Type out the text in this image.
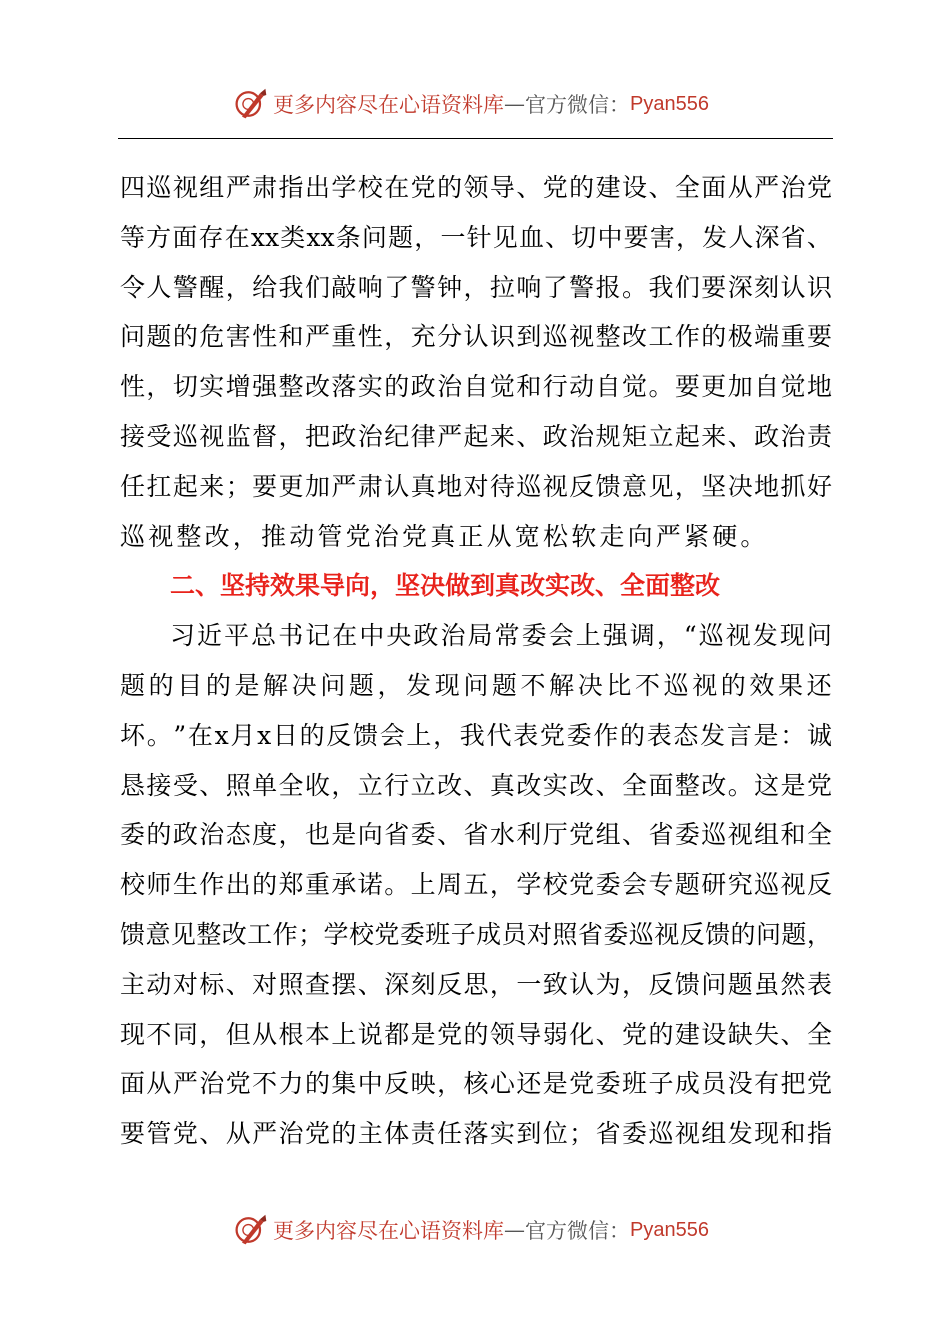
更多内容尽在心语资料库 — 官方微信： Pyan556
四 巡 视 组 严 肃 指 出 学 校 在 党 的 领 导 、 党 的 建 设 、 全 面 从 严 治 党
等 方 面 存 在 xx 类 xx 条 问 题 ， 一 针 见 血 、 切 中 要 害 ， 发 人 深 省 、
令 人 警 醒 ， 给 我 们 敲 响 了 警 钟 ， 拉 响 了 警 报 。 我 们 要 深 刻 认 识
问 题 的 危 害 性 和 严 重 性 ， 充 分 认 识 到 巡 视 整 改 工 作 的 极 端 重 要
性 ， 切 实 增 强 整 改 落 实 的 政 治 自 觉 和 行 动 自 觉 。 要 更 加 自 觉 地
接 受 巡 视 监 督 ， 把 政 治 纪 律 严 起 来 、 政 治 规 矩 立 起 来 、 政 治 责
任 扛 起 来 ； 要 更 加 严 肃 认 真 地 对 待 巡 视 反 馈 意 见 ， 坚 决 地 抓 好
巡视整改，推动管党治党真正从宽松软走向严紧硬。
二、坚持效果导向，坚决做到真改实改、全面整改
习 近 平 总 书 记 在 中 央 政 治 局 常 委 会 上 强 调 ， “ 巡 视 发 现 问
题 的 目 的 是 解 决 问 题 ， 发 现 问 题 不 解 决 比 不 巡 视 的 效 果 还
坏 。 ” 在 x 月 x 日 的 反 馈 会 上 ， 我 代 表 党 委 作 的 表 态 发 言 是 ： 诚
恳 接 受 、 照 单 全 收 ， 立 行 立 改 、 真 改 实 改 、 全 面 整 改 。 这 是 党
委 的 政 治 态 度 ， 也 是 向 省 委 、 省 水 利 厅 党 组 、 省 委 巡 视 组 和 全
校 师 生 作 出 的 郑 重 承 诺 。 上 周 五 ， 学 校 党 委 会 专 题 研 究 巡 视 反
馈 意 见 整 改 工 作 ； 学 校 党 委 班 子 成 员 对 照 省 委 巡 视 反 馈 的 问 题 ，
主 动 对 标 、 对 照 查 摆 、 深 刻 反 思 ， 一 致 认 为 ， 反 馈 问 题 虽 然 表
现 不 同 ， 但 从 根 本 上 说 都 是 党 的 领 导 弱 化 、 党 的 建 设 缺 失 、 全
面 从 严 治 党 不 力 的 集 中 反 映 ， 核 心 还 是 党 委 班 子 成 员 没 有 把 党
要 管 党 、 从 严 治 党 的 主 体 责 任 落 实 到 位 ； 省 委 巡 视 组 发 现 和 指
更多内容尽在心语资料库 — 官方微信： Pyan556
